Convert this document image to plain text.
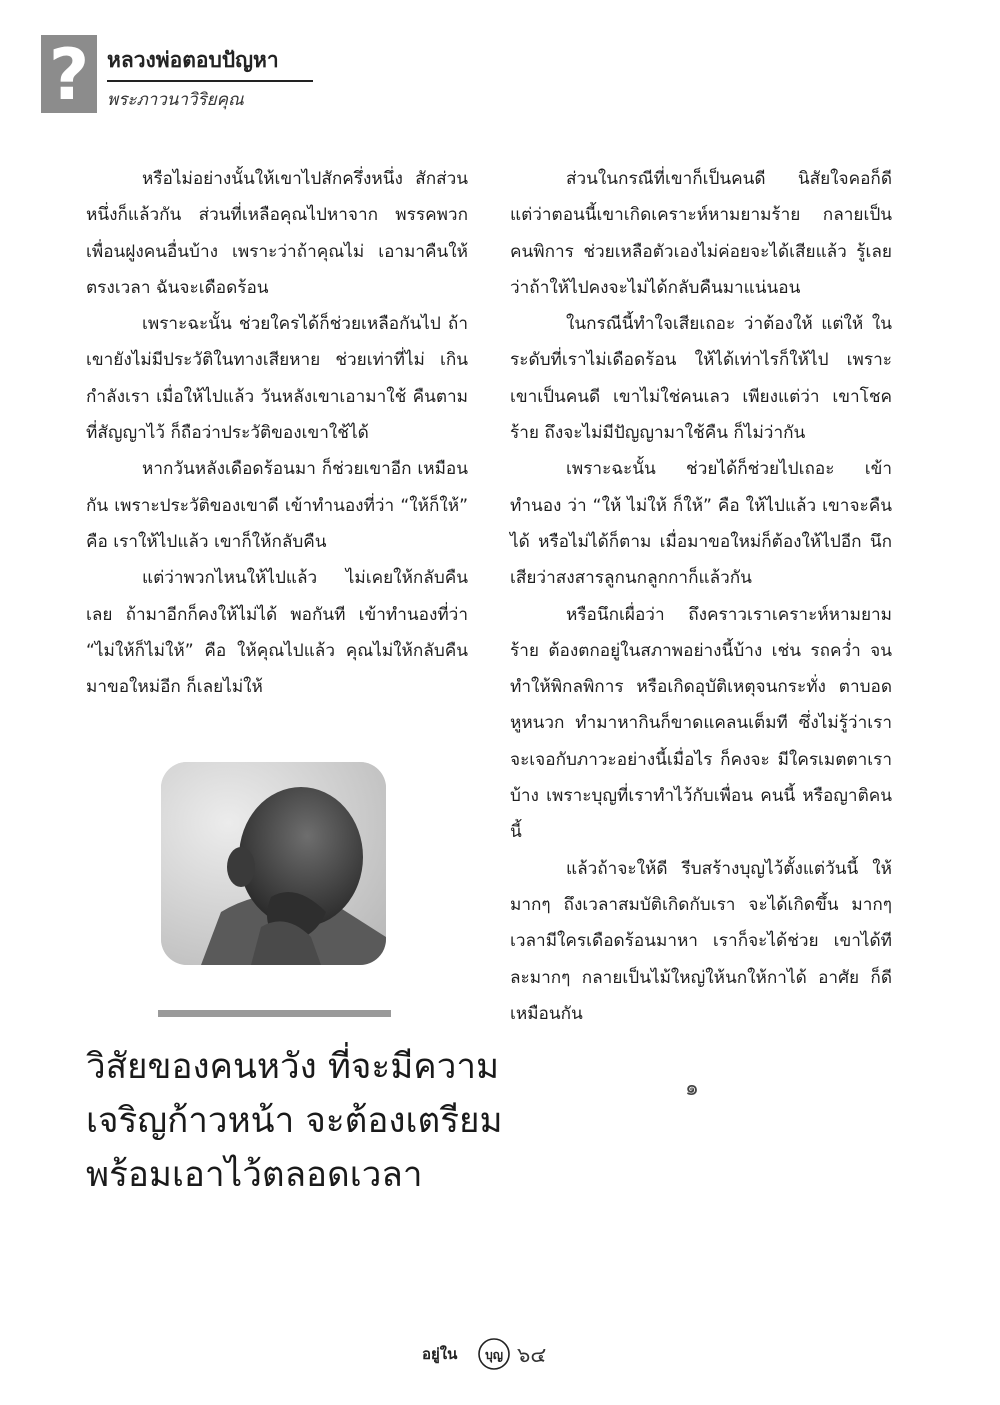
? หลวงพ่อตอบปัญหา
พระภาวนาวิริยคุณ

หรือไม่อย่างนั้นให้เขาไปสักครึ่งหนึ่ง สักส่วนหนึ่งก็แล้วกัน ส่วนที่เหลือคุณไปหาจาก พรรคพวกเพื่อนฝูงคนอื่นบ้าง เพราะว่าถ้าคุณไม่ เอามาคืนให้ตรงเวลา ฉันจะเดือดร้อน

เพราะฉะนั้น ช่วยใครได้ก็ช่วยเหลือกันไป ถ้าเขายังไม่มีประวัติในทางเสียหาย ช่วยเท่าที่ไม่ เกินกำลังเรา เมื่อให้ไปแล้ว วันหลังเขาเอามาใช้ คืนตามที่สัญญาไว้ ก็ถือว่าประวัติของเขาใช้ได้

หากวันหลังเดือดร้อนมา ก็ช่วยเขาอีก เหมือนกัน เพราะประวัติของเขาดี เข้าทำนองที่ว่า “ให้ก็ให้” คือ เราให้ไปแล้ว เขาก็ให้กลับคืน

แต่ว่าพวกไหนให้ไปแล้ว ไม่เคยให้กลับคืน เลย ถ้ามาอีกก็คงให้ไม่ได้ พอกันที เข้าทำนองที่ว่า “ไม่ให้ก็ไม่ให้” คือ ให้คุณไปแล้ว คุณไม่ให้กลับคืน มาขอใหม่อีก ก็เลยไม่ให้

ส่วนในกรณีที่เขาก็เป็นคนดี นิสัยใจคอก็ดี แต่ว่าตอนนี้เขาเกิดเคราะห์หามยามร้าย กลายเป็น คนพิการ ช่วยเหลือตัวเองไม่ค่อยจะได้เสียแล้ว รู้เลย ว่าถ้าให้ไปคงจะไม่ได้กลับคืนมาแน่นอน

ในกรณีนี้ทำใจเสียเถอะ ว่าต้องให้ แต่ให้ ในระดับที่เราไม่เดือดร้อน ให้ได้เท่าไรก็ให้ไป เพราะเขาเป็นคนดี เขาไม่ใช่คนเลว เพียงแต่ว่า เขาโชคร้าย ถึงจะไม่มีปัญญามาใช้คืน ก็ไม่ว่ากัน

เพราะฉะนั้น ช่วยได้ก็ช่วยไปเถอะ เข้าทำนอง ว่า “ให้ ไม่ให้ ก็ให้” คือ ให้ไปแล้ว เขาจะคืนได้ หรือไม่ได้ก็ตาม เมื่อมาขอใหม่ก็ต้องให้ไปอีก นึกเสียว่าสงสารลูกนกลูกกาก็แล้วกัน

หรือนึกเผื่อว่า ถึงคราวเราเคราะห์หามยาม ร้าย ต้องตกอยู่ในสภาพอย่างนี้บ้าง เช่น รถคว่ำ จนทำให้พิกลพิการ หรือเกิดอุบัติเหตุจนกระทั่ง ตาบอด หูหนวก ทำมาหากินก็ขาดแคลนเต็มที ซึ่งไม่รู้ว่าเราจะเจอกับภาวะอย่างนี้เมื่อไร ก็คงจะ มีใครเมตตาเราบ้าง เพราะบุญที่เราทำไว้กับเพื่อน คนนี้ หรือญาติคนนี้

แล้วถ้าจะให้ดี รีบสร้างบุญไว้ตั้งแต่วันนี้ ให้มากๆ ถึงเวลาสมบัติเกิดกับเรา จะได้เกิดขึ้น มากๆ เวลามีใครเดือดร้อนมาหา เราก็จะได้ช่วย เขาได้ทีละมากๆ กลายเป็นไม้ใหญ่ให้นกให้กาได้ อาศัย ก็ดีเหมือนกัน

วิสัยของคนหวัง ที่จะมีความ
เจริญก้าวหน้า จะต้องเตรียม
พร้อมเอาไว้ตลอดเวลา
๑
อยู่ใน บุญ ๖๔
